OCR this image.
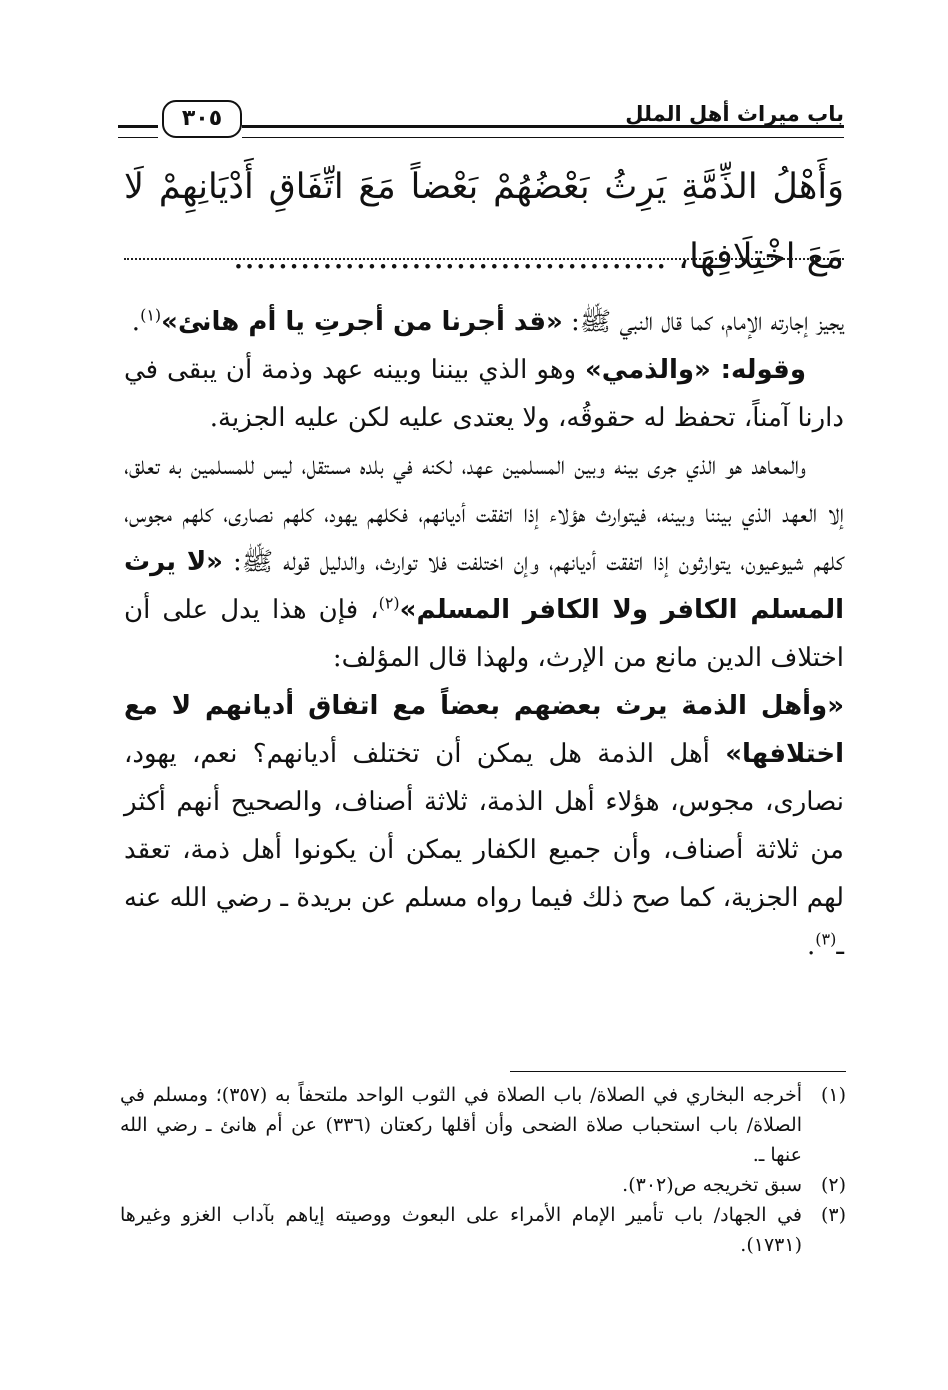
٣٠٥	باب ميراث أهل الملل
وَأَهْلُ الذِّمَّةِ يَرِثُ بَعْضُهُمْ بَعْضاً مَعَ اتِّفَاقِ أَدْيَانِهِمْ لَا مَعَ اخْتِلَافِهَا، .......................................

يجيز إجارته الإمام، كما قال النبي ﷺ: «قد أجرنا من أجرتِ يا أم هانئ»$^{(١)}$.

وقوله: «والذمي» وهو الذي بيننا وبينه عهد وذمة أن يبقى في دارنا آمناً، تحفظ له حقوقُه، ولا يعتدى عليه لكن عليه الجزية.

والمعاهد هو الذي جرى بينه وبين المسلمين عهد، لكنه في بلده مستقل، ليس للمسلمين به تعلق، إلا العهد الذي بيننا وبينه، فيتوارث هؤلاء إذا اتفقت أديانهم، فكلهم يهود، كلهم نصارى، كلهم مجوس، كلهم شيوعيون، يتوارثون إذا اتفقت أديانهم، وإن اختلفت فلا توارث، والدليل قوله ﷺ: «لا يرث المسلم الكافر ولا الكافر المسلم»$^{(٢)}$، فإن هذا يدل على أن اختلاف الدين مانع من الإرث، ولهذا قال المؤلف:

«وأهل الذمة يرث بعضهم بعضاً مع اتفاق أديانهم لا مع اختلافها» أهل الذمة هل يمكن أن تختلف أديانهم؟ نعم، يهود، نصارى، مجوس، هؤلاء أهل الذمة، ثلاثة أصناف، والصحيح أنهم أكثر من ثلاثة أصناف، وأن جميع الكفار يمكن أن يكونوا أهل ذمة، تعقد لهم الجزية، كما صح ذلك فيما رواه مسلم عن بريدة ـ رضي الله عنه ـ$^{(٣)}$.

(١)
أخرجه البخاري في الصلاة/ باب الصلاة في الثوب الواحد ملتحفاً به (٣٥٧)؛ ومسلم في الصلاة/ باب استحباب صلاة الضحى وأن أقلها ركعتان (٣٣٦) عن أم هانئ ـ رضي الله عنها ـ.
(٢)
سبق تخريجه ص(٣٠٢).
(٣)
في الجهاد/ باب تأمير الإمام الأمراء على البعوث ووصيته إياهم بآداب الغزو وغيرها (١٧٣١).
